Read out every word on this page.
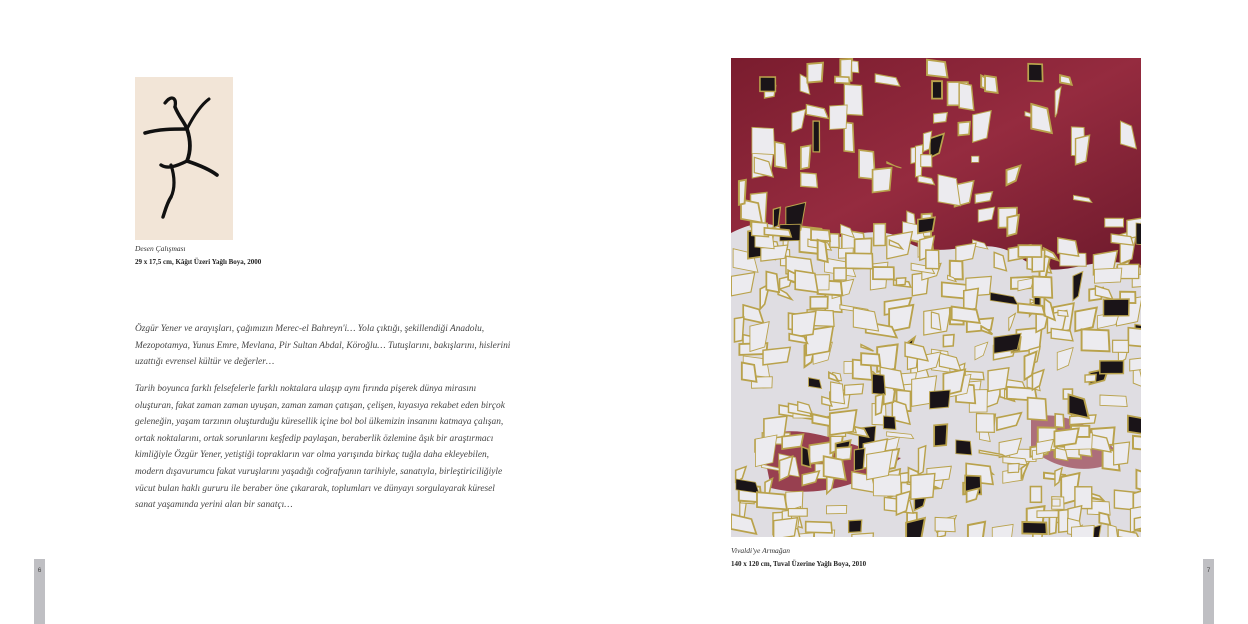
Desen Çalışması
29 x 17,5 cm, Kâğıt Üzeri Yağlı Boya, 2000

Özgür Yener ve arayışları, çağımızın Merec-el Bahreyn'i… Yola çıktığı, şekillendiği Anadolu, Mezopotamya, Yunus Emre, Mevlana, Pir Sultan Abdal, Köroğlu… Tutuşlarını, bakışlarını, hislerini uzattığı evrensel kültür ve değerler…

Tarih boyunca farklı felsefelerle farklı noktalara ulaşıp aynı fırında pişerek dünya mirasını oluşturan, fakat zaman zaman uyuşan, zaman zaman çatışan, çelişen, kıyasıya rekabet eden birçok geleneğin, yaşam tarzının oluşturduğu küresellik içine bol bol ülkemizin insanını katmaya çalışan, ortak noktalarını, ortak sorunlarını keşfedip paylaşan, beraberlik özlemine âşık bir araştırmacı kimliğiyle Özgür Yener, yetiştiği toprakların var olma yarışında birkaç tuğla daha ekleyebilen, modern dışavurumcu fakat vuruşlarını yaşadığı coğrafyanın tarihiyle, sanatıyla, birleştiriciliğiyle vücut bulan haklı gururu ile beraber öne çıkararak, toplumları ve dünyayı sorgulayarak küresel sanat yaşamında yerini alan bir sanatçı…

6
Vivaldi'ye Armağan
140 x 120 cm, Tuval Üzerine Yağlı Boya, 2010
7
